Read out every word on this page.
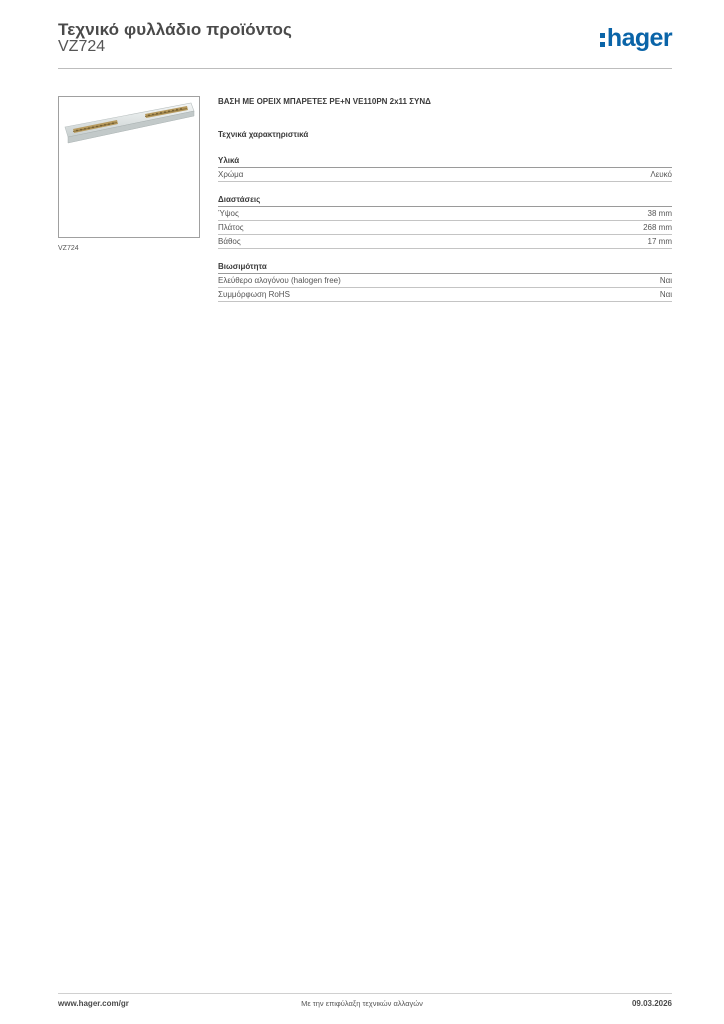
Τεχνικό φυλλάδιο προϊόντος
VZ724	hager
VZ724
ΒΑΣΗ ΜΕ ΟΡΕΙΧ ΜΠΑΡΕΤΕΣ PE+N VE110PN 2x11 ΣΥΝΔ
Τεχνικά χαρακτηριστικά
Υλικά
Χρώμα	Λευκό
Διαστάσεις
Ύψος	38 mm
Πλάτος	268 mm
Βάθος	17 mm
Βιωσιμότητα
Ελεύθερο αλογόνου (halogen free)	Ναι
Συμμόρφωση RoHS	Ναι
www.hager.com/gr	Με την επιφύλαξη τεχνικών αλλαγών	09.03.2026
